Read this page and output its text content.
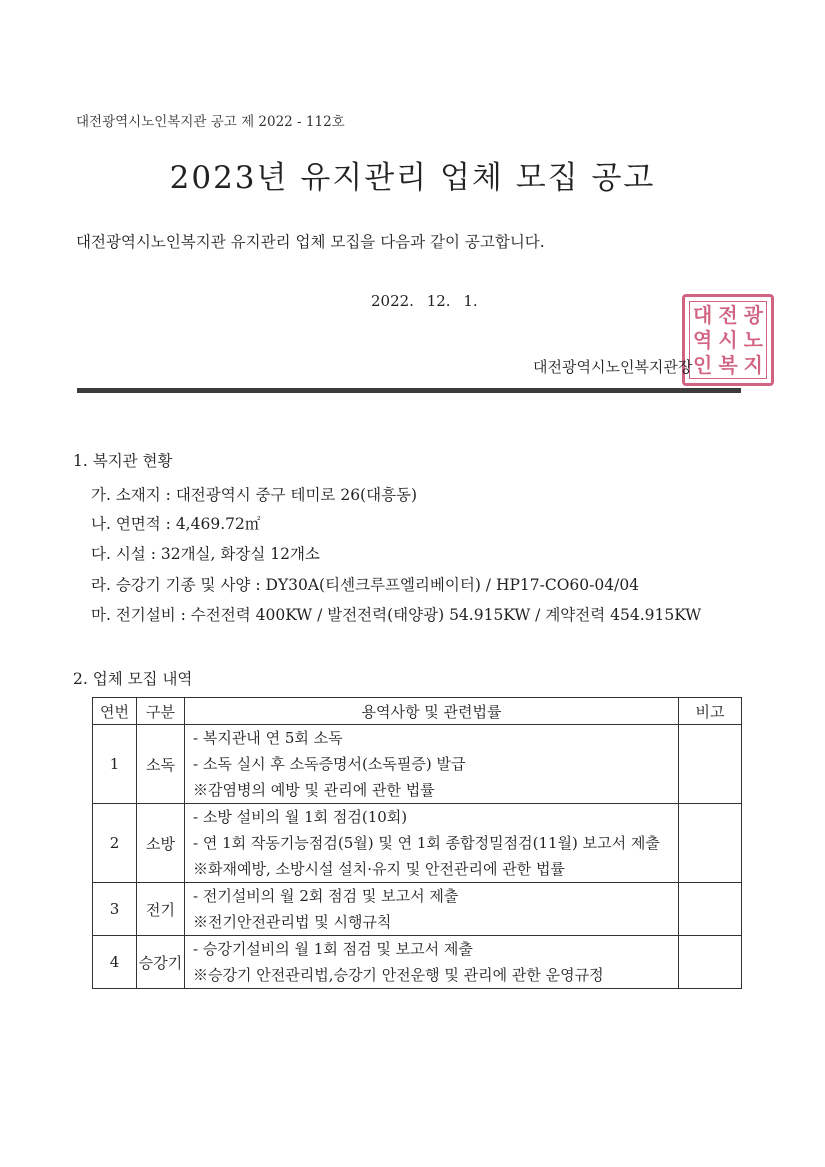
대전광역시노인복지관 공고 제 2022 - 112호
2023년 유지관리 업체 모집 공고
대전광역시노인복지관 유지관리 업체 모집을 다음과 같이 공고합니다.
2022. 12. 1.
대 전 광
역 시 노
인 복 지
대전광역시노인복지관장
1. 복지관 현황
가. 소재지 : 대전광역시 중구 테미로 26(대흥동)
나. 연면적 : 4,469.72㎡
다. 시설 : 32개실, 화장실 12개소
라. 승강기 기종 및 사양 : DY30A(티센크루프엘리베이터) / HP17-CO60-04/04
마. 전기설비 : 수전전력 400KW / 발전전력(태양광) 54.915KW / 계약전력 454.915KW
2. 업체 모집 내역
연번	구분	용역사항 및 관련법률	비고
1	소독	- 복지관내 연 5회 소독
- 소독 실시 후 소독증명서(소독필증) 발급
※감염병의 예방 및 관리에 관한 법률	

2	소방	- 소방 설비의 월 1회 점검(10회)
- 연 1회 작동기능점검(5월) 및 연 1회 종합정밀점검(11월) 보고서 제출
※화재예방, 소방시설 설치·유지 및 안전관리에 관한 법률	

3	전기	- 전기설비의 월 2회 점검 및 보고서 제출
※전기안전관리법 및 시행규칙	

4	승강기	- 승강기설비의 월 1회 점검 및 보고서 제출
※승강기 안전관리법,승강기 안전운행 및 관리에 관한 운영규정	
